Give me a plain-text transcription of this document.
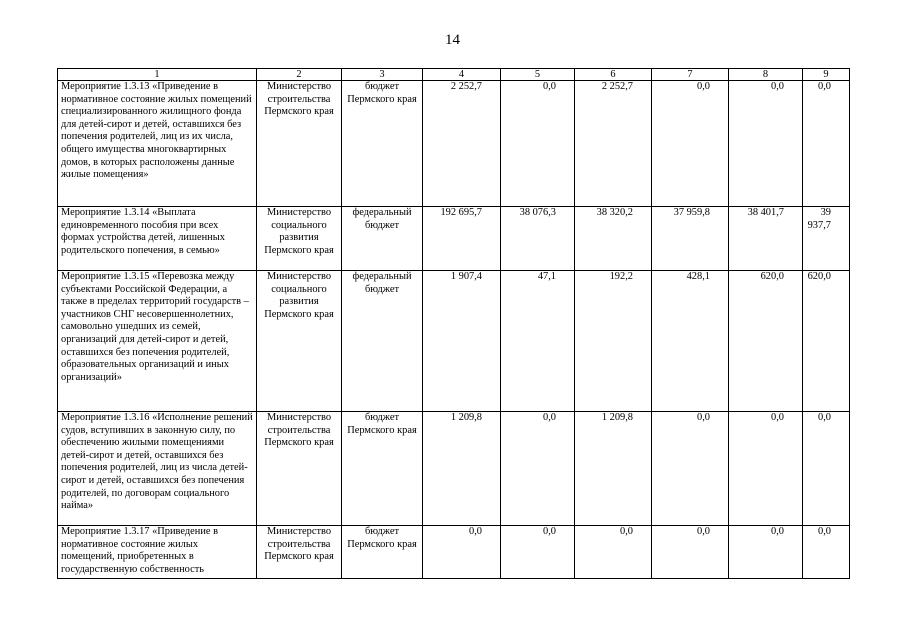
14
1	2	3	4	5	6	7	8	9
Мероприятие 1.3.13 «Приведение в нормативное состояние жилых помещений специализированного жилищного фонда для детей-сирот и детей, оставшихся без попечения родителей, лиц из их числа, общего имущества многоквартирных домов, в которых расположены данные жилые помещения»	Министерство строительства Пермского края	бюджет Пермского края	2 252,7	0,0	2 252,7	0,0	0,0	0,0
Мероприятие 1.3.14 «Выплата единовременного пособия при всех формах устройства детей, лишенных родительского попечения, в семью»	Министерство социального развития Пермского края	федеральный бюджет	192 695,7	38 076,3	38 320,2	37 959,8	38 401,7	39 937,7
Мероприятие 1.3.15 «Перевозка между субъектами Российской Федерации, а также в пределах территорий государств – участников СНГ несовершеннолетних, самовольно ушедших из семей, организаций для детей-сирот и детей, оставшихся без попечения родителей, образовательных организаций и иных организаций»	Министерство социального развития Пермского края	федеральный бюджет	1 907,4	47,1	192,2	428,1	620,0	620,0
Мероприятие 1.3.16 «Исполнение решений судов, вступивших в законную силу, по обеспечению жилыми помещениями детей-сирот и детей, оставшихся без попечения родителей, лиц из числа детей-сирот и детей, оставшихся без попечения родителей, по договорам социального найма»	Министерство строительства Пермского края	бюджет Пермского края	1 209,8	0,0	1 209,8	0,0	0,0	0,0
Мероприятие 1.3.17 «Приведение в нормативное состояние жилых помещений, приобретенных в государственную собственность	Министерство строительства Пермского края	бюджет Пермского края	0,0	0,0	0,0	0,0	0,0	0,0
